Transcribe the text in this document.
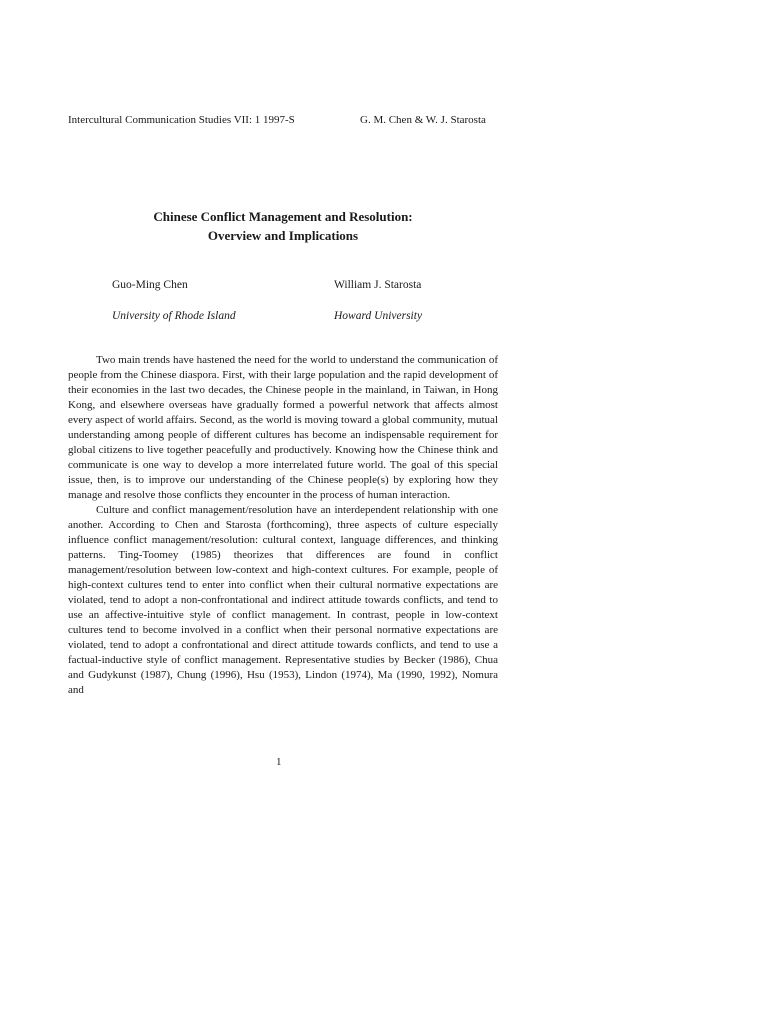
Intercultural Communication Studies VII: 1 1997-S	G. M. Chen & W. J. Starosta
Chinese Conflict Management and Resolution:
Overview and Implications
Guo-Ming Chen
University of Rhode Island
William J. Starosta
Howard University

Two main trends have hastened the need for the world to understand the communication of people from the Chinese diaspora. First, with their large population and the rapid development of their economies in the last two decades, the Chinese people in the mainland, in Taiwan, in Hong Kong, and elsewhere overseas have gradually formed a powerful network that affects almost every aspect of world affairs. Second, as the world is moving toward a global community, mutual understanding among people of different cultures has become an indispensable requirement for global citizens to live together peacefully and productively. Knowing how the Chinese think and communicate is one way to develop a more interrelated future world. The goal of this special issue, then, is to improve our understanding of the Chinese people(s) by exploring how they manage and resolve those conflicts they encounter in the process of human interaction.

Culture and conflict management/resolution have an interdependent relationship with one another. According to Chen and Starosta (forthcoming), three aspects of culture especially influence conflict management/resolution: cultural context, language differences, and thinking patterns. Ting-Toomey (1985) theorizes that differences are found in conflict management/resolution between low-context and high-context cultures. For example, people of high-context cultures tend to enter into conflict when their cultural normative expectations are violated, tend to adopt a non-confrontational and indirect attitude towards conflicts, and tend to use an affective-intuitive style of conflict management. In contrast, people in low-context cultures tend to become involved in a conflict when their personal normative expectations are violated, tend to adopt a confrontational and direct attitude towards conflicts, and tend to use a factual-inductive style of conflict management. Representative studies by Becker (1986), Chua and Gudykunst (1987), Chung (1996), Hsu (1953), Lindon (1974), Ma (1990, 1992), Nomura and

1
